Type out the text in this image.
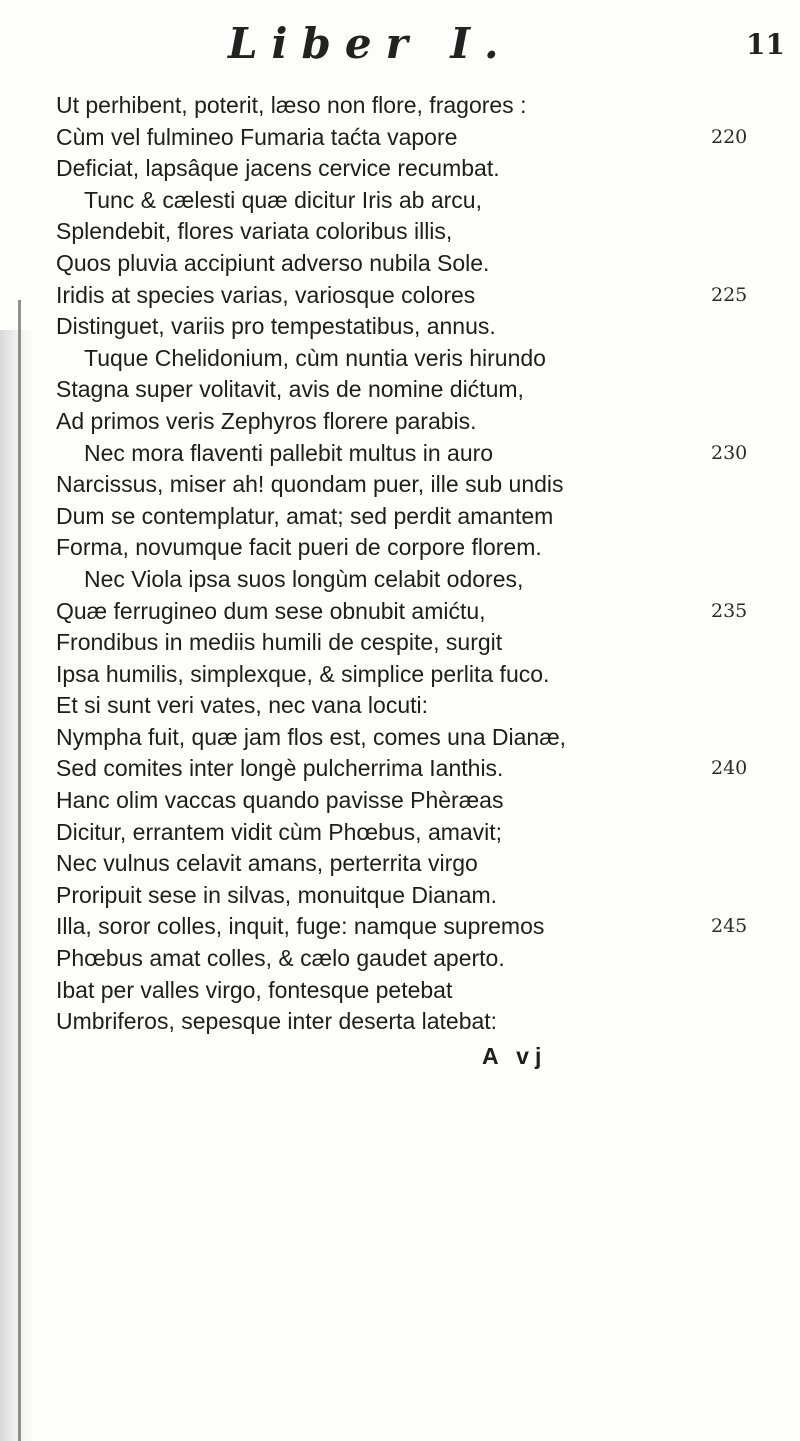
Liber I.	11
Ut perhibent, poterit, læso non flore, fragores :
Cùm vel fulmineo Fumaria taćta vapore	220
Deficiat, lapsâque jacens cervice recumbat.
Tunc & cælesti quæ dicitur Iris ab arcu,
Splendebit, flores variata coloribus illis,
Quos pluvia accipiunt adverso nubila Sole.
Iridis at species varias, variosque colores	225
Distinguet, variis pro tempestatibus, annus.
Tuque Chelidonium, cùm nuntia veris hirundo
Stagna super volitavit, avis de nomine dićtum,
Ad primos veris Zephyros florere parabis.
Nec mora flaventi pallebit multus in auro	230
Narcissus, miser ah! quondam puer, ille sub undis
Dum se contemplatur, amat; sed perdit amantem
Forma, novumque facit pueri de corpore florem.
Nec Viola ipsa suos longùm celabit odores,
Quæ ferrugineo dum sese obnubit amićtu,	235
Frondibus in mediis humili de cespite, surgit
Ipsa humilis, simplexque, & simplice perlita fuco.
Et si sunt veri vates, nec vana locuti:
Nympha fuit, quæ jam flos est, comes una Dianæ,
Sed comites inter longè pulcherrima Ianthis.	240
Hanc olim vaccas quando pavisse Phèræas
Dicitur, errantem vidit cùm Phœbus, amavit;
Nec vulnus celavit amans, perterrita virgo
Proripuit sese in silvas, monuitque Dianam.
Illa, soror colles, inquit, fuge: namque supremos	245
Phœbus amat colles, & cælo gaudet aperto.
Ibat per valles virgo, fontesque petebat
Umbriferos, sepesque inter deserta latebat:
A vj
